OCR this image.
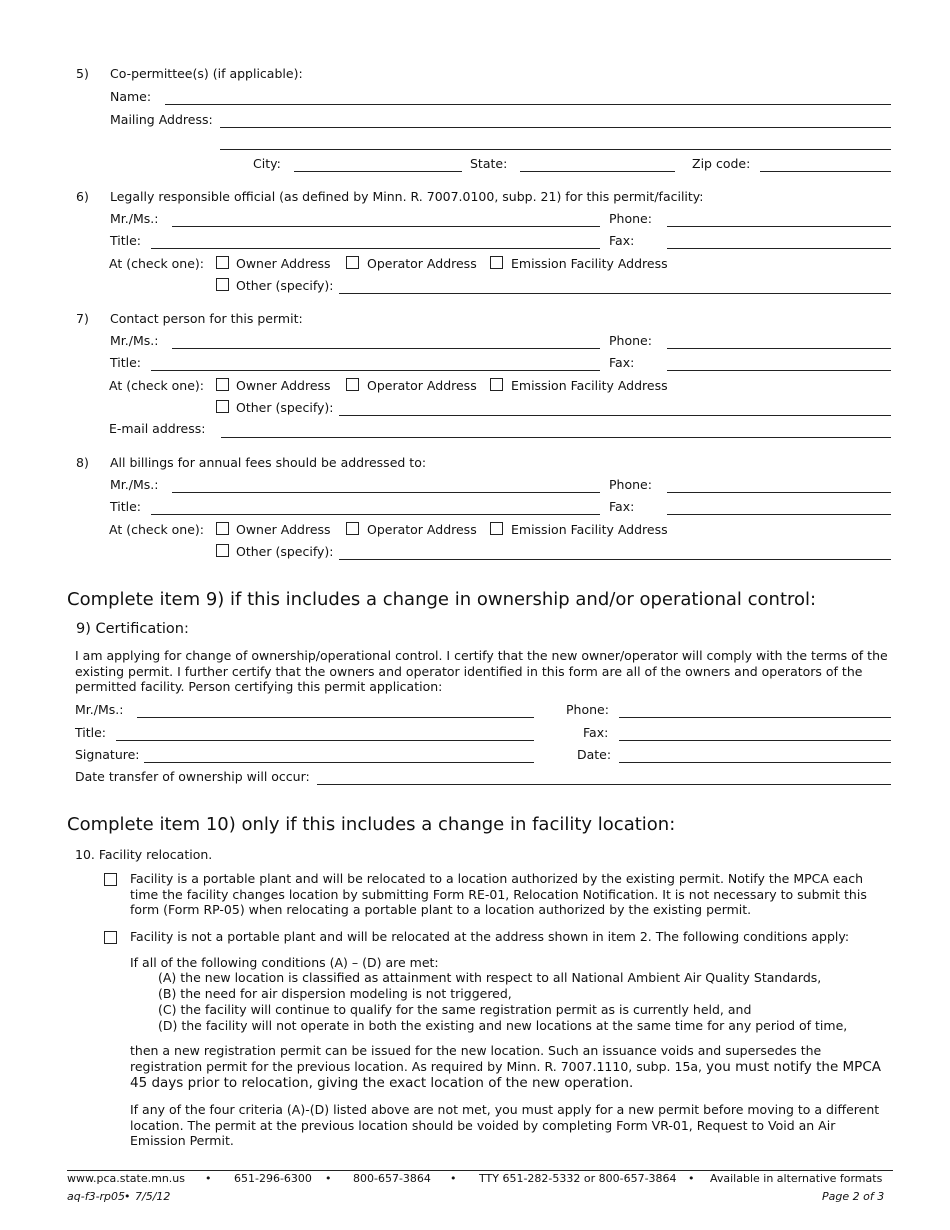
5) Co-permittee(s) (if applicable):
Name:
Mailing Address:
City:	State:	Zip code:
6) Legally responsible official (as defined by Minn. R. 7007.0100, subp. 21) for this permit/facility:
Mr./Ms.:	Phone:
Title:	Fax:
At (check one):	Owner Address	Operator Address	Emission Facility Address
Other (specify):
7) Contact person for this permit:
Mr./Ms.:	Phone:
Title:	Fax:
At (check one):	Owner Address	Operator Address	Emission Facility Address
Other (specify):
E-mail address:
8) All billings for annual fees should be addressed to:
Mr./Ms.:	Phone:
Title:	Fax:
At (check one):	Owner Address	Operator Address	Emission Facility Address
Other (specify):
Complete item 9) if this includes a change in ownership and/or operational control:
9) Certification:
I am applying for change of ownership/operational control. I certify that the new owner/operator will comply with the terms of the existing permit. I further certify that the owners and operator identified in this form are all of the owners and operators of the permitted facility. Person certifying this permit application:
Mr./Ms.:	Phone:
Title:	Fax:
Signature:	Date:
Date transfer of ownership will occur:
Complete item 10) only if this includes a change in facility location:
10. Facility relocation.
Facility is a portable plant and will be relocated to a location authorized by the existing permit. Notify the MPCA each time the facility changes location by submitting Form RE-01, Relocation Notification. It is not necessary to submit this form (Form RP-05) when relocating a portable plant to a location authorized by the existing permit.
Facility is not a portable plant and will be relocated at the address shown in item 2. The following conditions apply:
If all of the following conditions (A) – (D) are met:
(A) the new location is classified as attainment with respect to all National Ambient Air Quality Standards,
(B) the need for air dispersion modeling is not triggered,
(C) the facility will continue to qualify for the same registration permit as is currently held, and
(D) the facility will not operate in both the existing and new locations at the same time for any period of time,
then a new registration permit can be issued for the new location. Such an issuance voids and supersedes the registration permit for the previous location. As required by Minn. R. 7007.1110, subp. 15a, you must notify the MPCA 45 days prior to relocation, giving the exact location of the new operation.
If any of the four criteria (A)-(D) listed above are not met, you must apply for a new permit before moving to a different location. The permit at the previous location should be voided by completing Form VR-01, Request to Void an Air Emission Permit.
www.pca.state.mn.us • 651-296-6300 • 800-657-3864 • TTY 651-282-5332 or 800-657-3864 • Available in alternative formats
aq-f3-rp05
• 7/5/12	Page 2 of 3
